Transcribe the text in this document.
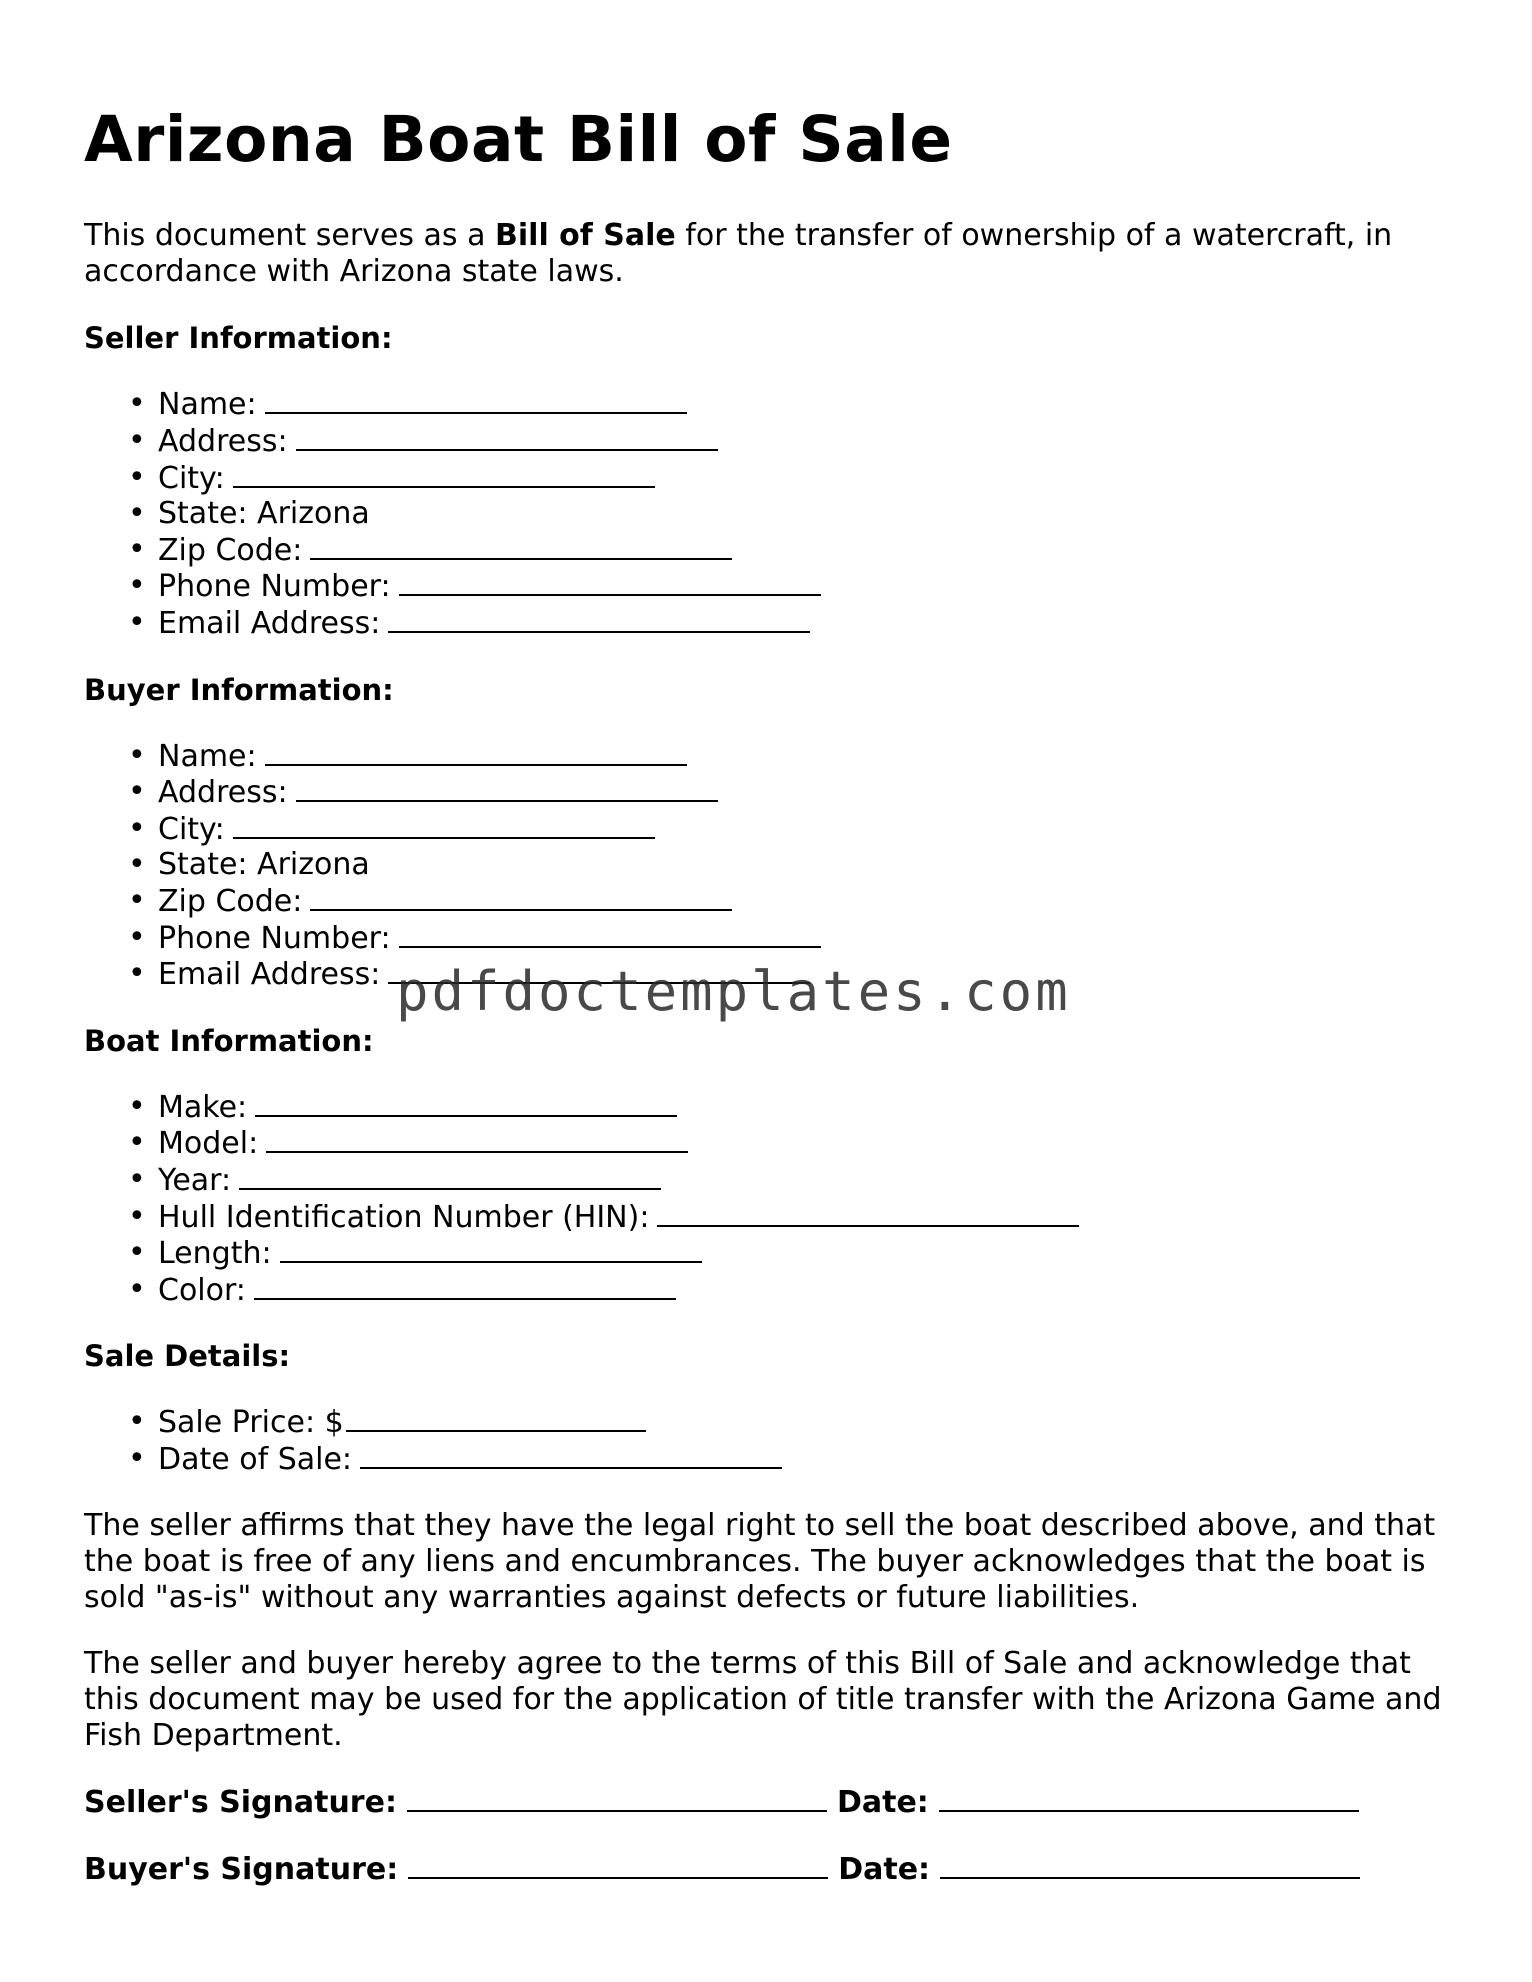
Arizona Boat Bill of Sale

This document serves as a Bill of Sale for the transfer of ownership of a watercraft, in accordance with Arizona state laws.

Seller Information:
• Name:
• Address:
• City:
• State: Arizona
• Zip Code:
• Phone Number:
• Email Address:
Buyer Information:
• Name:
• Address:
• City:
• State: Arizona
• Zip Code:
• Phone Number:
• Email Address:
Boat Information:
• Make:
• Model:
• Year:
• Hull Identification Number (HIN):
• Length:
• Color:
Sale Details:
• Sale Price: $
• Date of Sale:

The seller affirms that they have the legal right to sell the boat described above, and that the boat is free of any liens and encumbrances. The buyer acknowledges that the boat is sold "as-is" without any warranties against defects or future liabilities.

The seller and buyer hereby agree to the terms of this Bill of Sale and acknowledge that this document may be used for the application of title transfer with the Arizona Game and Fish Department.

Seller's Signature:	Date:
Buyer's Signature:	Date:
pdfdoctemplates.com
